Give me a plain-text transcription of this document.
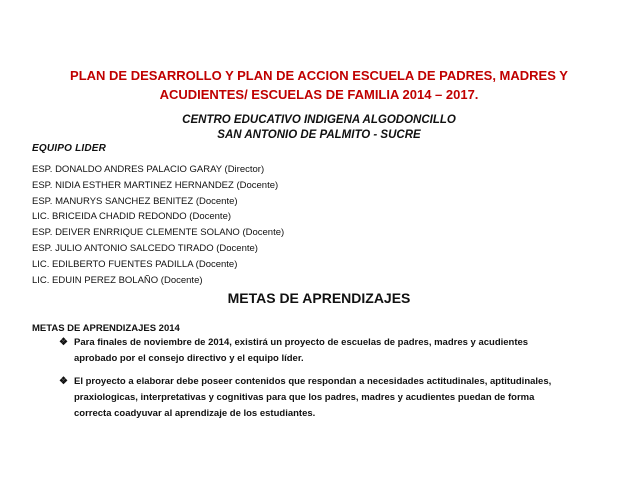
PLAN DE DESARROLLO Y PLAN DE ACCION ESCUELA DE PADRES, MADRES Y
ACUDIENTES/ ESCUELAS DE FAMILIA 2014 – 2017.
CENTRO EDUCATIVO INDIGENA ALGODONCILLO
SAN ANTONIO DE PALMITO - SUCRE
EQUIPO LIDER
ESP. DONALDO ANDRES PALACIO GARAY (Director)
ESP. NIDIA ESTHER MARTINEZ HERNANDEZ (Docente)
ESP. MANURYS SANCHEZ BENITEZ (Docente)
LIC. BRICEIDA CHADID REDONDO (Docente)
ESP. DEIVER ENRRIQUE CLEMENTE SOLANO (Docente)
ESP. JULIO ANTONIO SALCEDO TIRADO (Docente)
LIC. EDILBERTO FUENTES PADILLA (Docente)
LIC. EDUIN PEREZ BOLAÑO (Docente)
METAS DE APRENDIZAJES
METAS DE APRENDIZAJES 2014
❖ Para finales de noviembre de 2014, existirá un proyecto de escuelas de padres, madres y acudientes
aprobado por el consejo directivo y el equipo líder.
❖ El proyecto a elaborar debe poseer contenidos que respondan a necesidades actitudinales, aptitudinales,
praxiologicas, interpretativas y cognitivas para que los padres, madres y acudientes puedan de forma
correcta coadyuvar al aprendizaje de los estudiantes.
